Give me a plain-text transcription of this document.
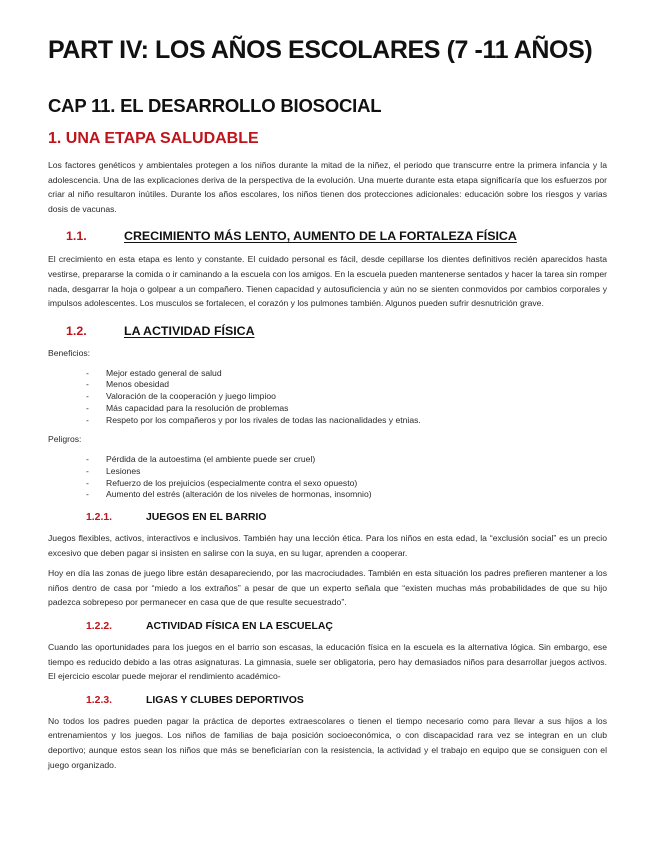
PART IV: LOS AÑOS ESCOLARES (7 -11 AÑOS)
CAP 11. EL DESARROLLO BIOSOCIAL
1. UNA ETAPA SALUDABLE

Los factores genéticos y ambientales protegen a los niños durante la mitad de la niñez, el periodo que transcurre entre la primera infancia y la adolescencia. Una de las explicaciones deriva de la perspectiva de la evolución. Una muerte durante esta etapa significaría que los esfuerzos por criar al niño resultaron inútiles. Durante los años escolares, los niños tienen dos protecciones adicionales: educación sobre los riesgos y varias dosis de vacunas.

1.1.	CRECIMIENTO MÁS LENTO, AUMENTO DE LA FORTALEZA FÍSICA

El crecimiento en esta etapa es lento y constante. El cuidado personal es fácil, desde cepillarse los dientes definitivos recién aparecidos hasta vestirse, prepararse la comida o ir caminando a la escuela con los amigos. En la escuela pueden mantenerse sentados y hacer la tarea sin romper nada, desgarrar la hoja o golpear a un compañero. Tienen capacidad y autosuficiencia y aún no se sienten conmovidos por cambios corporales y impulsos adolescentes. Los musculos se fortalecen, el corazón y los pulmones también. Algunos pueden sufrir desnutrición grave.

1.2.	LA ACTIVIDAD FÍSICA
Beneficios:
- Mejor estado general de salud
- Menos obesidad
- Valoración de la cooperación y juego limpioo
- Más capacidad para la resolución de problemas
- Respeto por los compañeros y por los rivales de todas las nacionalidades y etnias.
Peligros:
- Pérdida de la autoestima (el ambiente puede ser cruel)
- Lesiones
- Refuerzo de los prejuicios (especialmente contra el sexo opuesto)
- Aumento del estrés (alteración de los niveles de hormonas, insomnio)
1.2.1.	JUEGOS EN EL BARRIO

Juegos flexibles, activos, interactivos e inclusivos. También hay una lección ética. Para los niños en esta edad, la “exclusión social” es un precio excesivo que deben pagar si insisten en salirse con la suya, en su lugar, aprenden a cooperar.

Hoy en día las zonas de juego libre están desapareciendo, por las macrociudades. También en esta situación los padres prefieren mantener a los niños dentro de casa por “miedo a los extraños” a pesar de que un experto señala que “existen muchas más probabilidades de que su hijo padezca sobrepeso por permanecer en casa que de que resulte secuestrado”.

1.2.2.	ACTIVIDAD FÍSICA EN LA ESCUELAÇ

Cuando las oportunidades para los juegos en el barrio son escasas, la educación física en la escuela es la alternativa lógica. Sin embargo, ese tiempo es reducido debido a las otras asignaturas. La gimnasia, suele ser obligatoria, pero hay demasiados niños para desarrollar juegos activos. El ejercicio escolar puede mejorar el rendimiento académico-

1.2.3.	LIGAS Y CLUBES DEPORTIVOS

No todos los padres pueden pagar la práctica de deportes extraescolares o tienen el tiempo necesario como para llevar a sus hijos a los entrenamientos y los juegos. Los niños de familias de baja posición socioeconómica, o con discapacidad rara vez se integran en un club deportivo; aunque estos sean los niños que más se beneficiarían con la resistencia, la actividad y el trabajo en equipo que se consiguen con el juego organizado.
